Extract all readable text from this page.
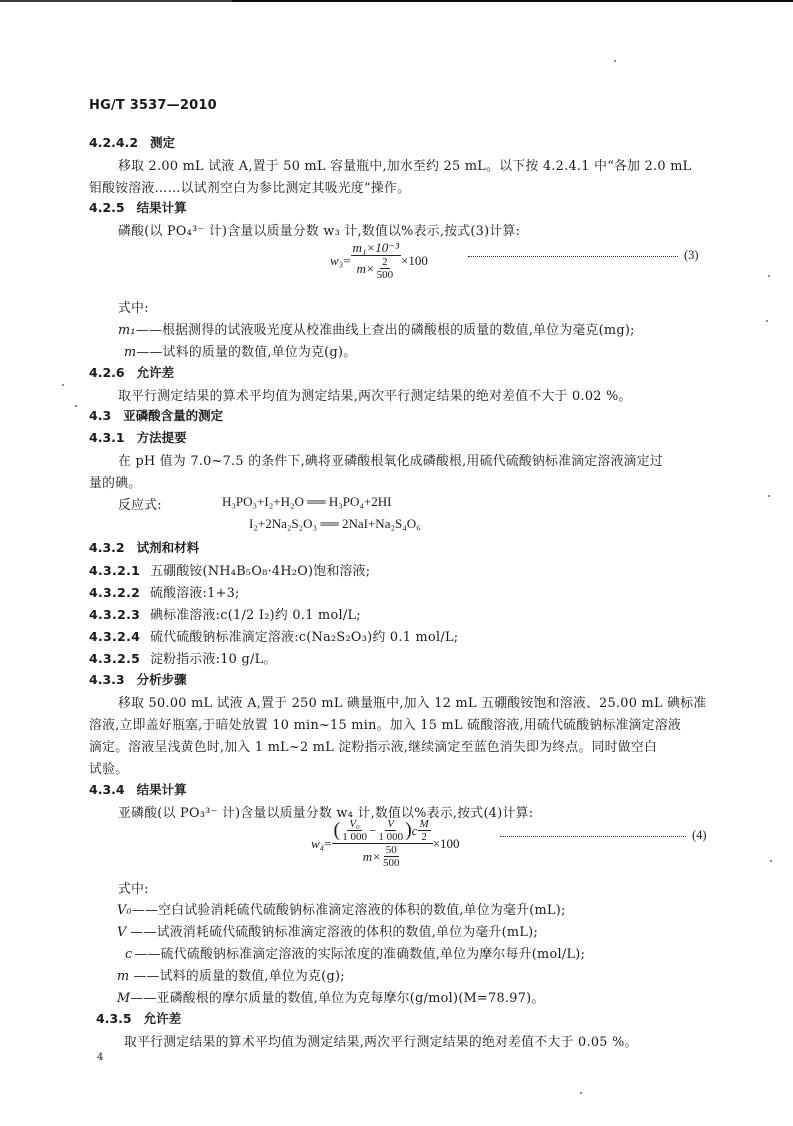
HG/T 3537—2010
4.2.4.2 测定
移取 2.00 mL 试液 A,置于 50 mL 容量瓶中,加水至约 25 mL。以下按 4.2.4.1 中“各加 2.0 mL
钼酸铵溶液……以试剂空白为参比测定其吸光度”操作。
4.2.5 结果计算
磷酸(以 PO₄³⁻ 计)含量以质量分数 w₃ 计,数值以%表示,按式(3)计算:
$w_3 = \frac{\text{m₁×10⁻³}}{m\times \frac{2}{500}} \times 100$	(3)
式中:
m₁——根据测得的试液吸光度从校准曲线上查出的磷酸根的质量的数值,单位为毫克(mg);
m——试料的质量的数值,单位为克(g)。
4.2.6 允许差
取平行测定结果的算术平均值为测定结果,两次平行测定结果的绝对差值不大于 0.02 %。
4.3 亚磷酸含量的测定
4.3.1 方法提要
在 pH 值为 7.0~7.5 的条件下,碘将亚磷酸根氧化成磷酸根,用硫代硫酸钠标准滴定溶液滴定过
量的碘。
反应式:	H₃PO₃+I₂+H₂O ══ H₃PO₄+2HI
I₂+2Na₂S₂O₃ ══ 2NaI+Na₂S₄O₆
4.3.2 试剂和材料
4.3.2.1 五硼酸铵(NH₄B₅O₈·4H₂O)饱和溶液;
4.3.2.2 硫酸溶液:1+3;
4.3.2.3 碘标准溶液:c(1/2 I₂)约 0.1 mol/L;
4.3.2.4 硫代硫酸钠标准滴定溶液:c(Na₂S₂O₃)约 0.1 mol/L;
4.3.2.5 淀粉指示液:10 g/L。
4.3.3 分析步骤
移取 50.00 mL 试液 A,置于 250 mL 碘量瓶中,加入 12 mL 五硼酸铵饱和溶液、25.00 mL 碘标准
溶液,立即盖好瓶塞,于暗处放置 10 min~15 min。加入 15 mL 硫酸溶液,用硫代硫酸钠标准滴定溶液
滴定。溶液呈浅黄色时,加入 1 mL~2 mL 淀粉指示液,继续滴定至蓝色消失即为终点。同时做空白
试验。
4.3.4 结果计算
亚磷酸(以 PO₃³⁻ 计)含量以质量分数 w₄ 计,数值以%表示,按式(4)计算:
w₄ =
( $\frac{\text{V₀}}{1 000} - \frac{V}{1 000}$ ) c $\frac{M}{2}$
$m\times \frac{50}{500}$
×100
(4)
式中:
V₀——空白试验消耗硫代硫酸钠标准滴定溶液的体积的数值,单位为毫升(mL);
V ——试液消耗硫代硫酸钠标准滴定溶液的体积的数值,单位为毫升(mL);
c ——硫代硫酸钠标准滴定溶液的实际浓度的准确数值,单位为摩尔每升(mol/L);
m ——试料的质量的数值,单位为克(g);
M——亚磷酸根的摩尔质量的数值,单位为克每摩尔(g/mol)(M=78.97)。
4.3.5 允许差
取平行测定结果的算术平均值为测定结果,两次平行测定结果的绝对差值不大于 0.05 %。
4
